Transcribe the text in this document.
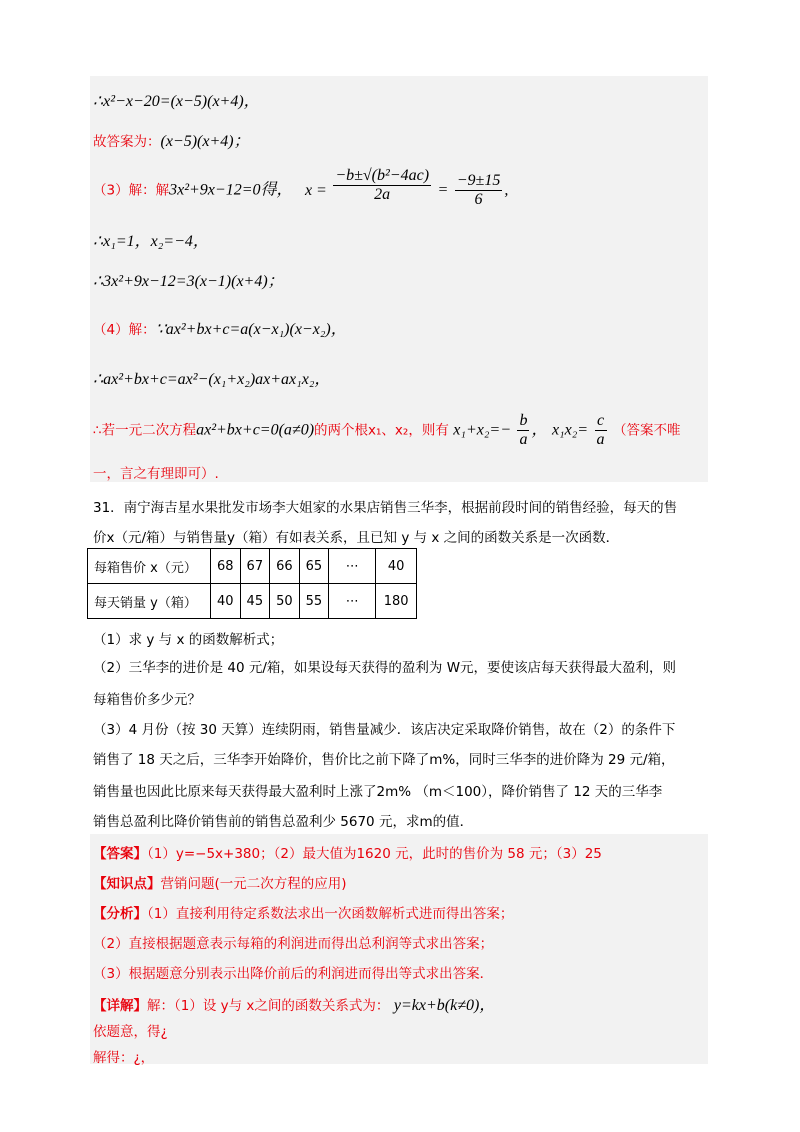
∴x²−x−20=(x−5)(x+4)，
故答案为：(x−5)(x+4)；
（3）解：解3x²+9x−12=0得， $x = \frac{\text{−b±√(b²−4ac)}}{2a} = \frac{-9\pm 15}{6}$ ,
∴x₁=1，x₂=−4，
∴3x²+9x−12=3(x−1)(x+4)；
（4）解：∵ax²+bx+c=a(x−x₁)(x−x₂)，
∴ax²+bx+c=ax²−(x₁+x₂)ax+ax₁x₂，
∴若一元二次方程ax²+bx+c=0(a≠0)的两个根x₁、x₂，则有 $x_1+x_2=- \frac{b}{a}$ ， $x_1x_2= \frac{c}{a}$ （答案不唯
一，言之有理即可）.
31．南宁海吉星水果批发市场李大姐家的水果店销售三华李，根据前段时间的销售经验，每天的售
价x（元/箱）与销售量y（箱）有如表关系，且已知 y 与 x 之间的函数关系是一次函数．
每箱售价 x（元）	68	67	66	65	⋯	40
每天销量 y（箱）	40	45	50	55	⋯	180
（1）求 y 与 x 的函数解析式；
（2）三华李的进价是 40 元/箱，如果设每天获得的盈利为 W元，要使该店每天获得最大盈利，则
每箱售价多少元？
（3）4 月份（按 30 天算）连续阴雨，销售量减少．该店决定采取降价销售，故在（2）的条件下
销售了 18 天之后，三华李开始降价，售价比之前下降了m%，同时三华李的进价降为 29 元/箱，
销售量也因此比原来每天获得最大盈利时上涨了2m% （m＜100），降价销售了 12 天的三华李
销售总盈利比降价销售前的销售总盈利少 5670 元，求m的值．
【答案】（1）y=−5x+380；（2）最大值为1620 元，此时的售价为 58 元；（3）25
【知识点】营销问题(一元二次方程的应用)
【分析】（1）直接利用待定系数法求出一次函数解析式进而得出答案；
（2）直接根据题意表示每箱的利润进而得出总利润等式求出答案；
（3）根据题意分别表示出降价前后的利润进而得出等式求出答案．
【详解】解：（1）设 y与 x之间的函数关系式为： y=kx+b(k≠0)，
依题意，得¿
解得：¿，
